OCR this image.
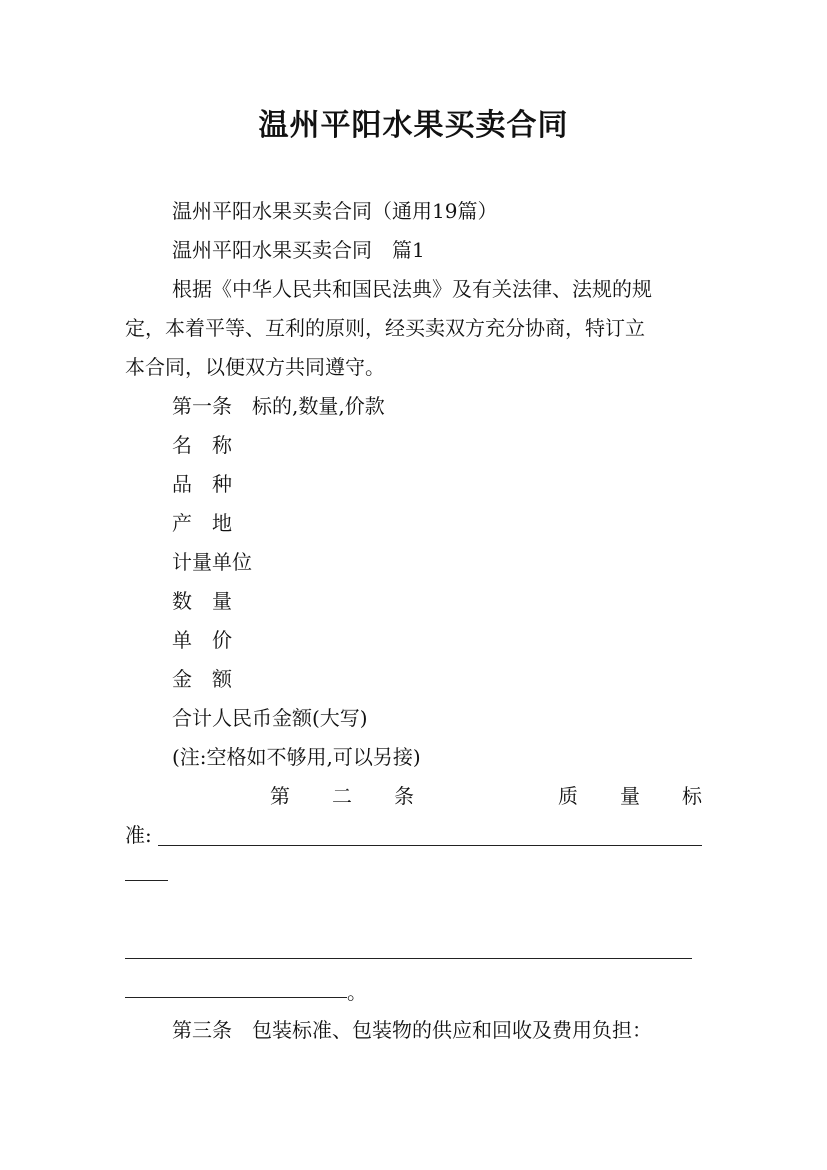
温州平阳水果买卖合同
温州平阳水果买卖合同（通用19篇）
温州平阳水果买卖合同　篇1
根据《中华人民共和国民法典》及有关法律、法规的规
定，本着平等、互利的原则，经买卖双方充分协商，特订立
本合同，以便双方共同遵守。
第一条　标的,数量,价款
名　称
品　种
产　地
计量单位
数　量
单　价
金　额
合计人民币金额(大写)
(注:空格如不够用,可以另接)
第 二 条	质 量 标
准:
。
第三条　包装标准、包装物的供应和回收及费用负担：
